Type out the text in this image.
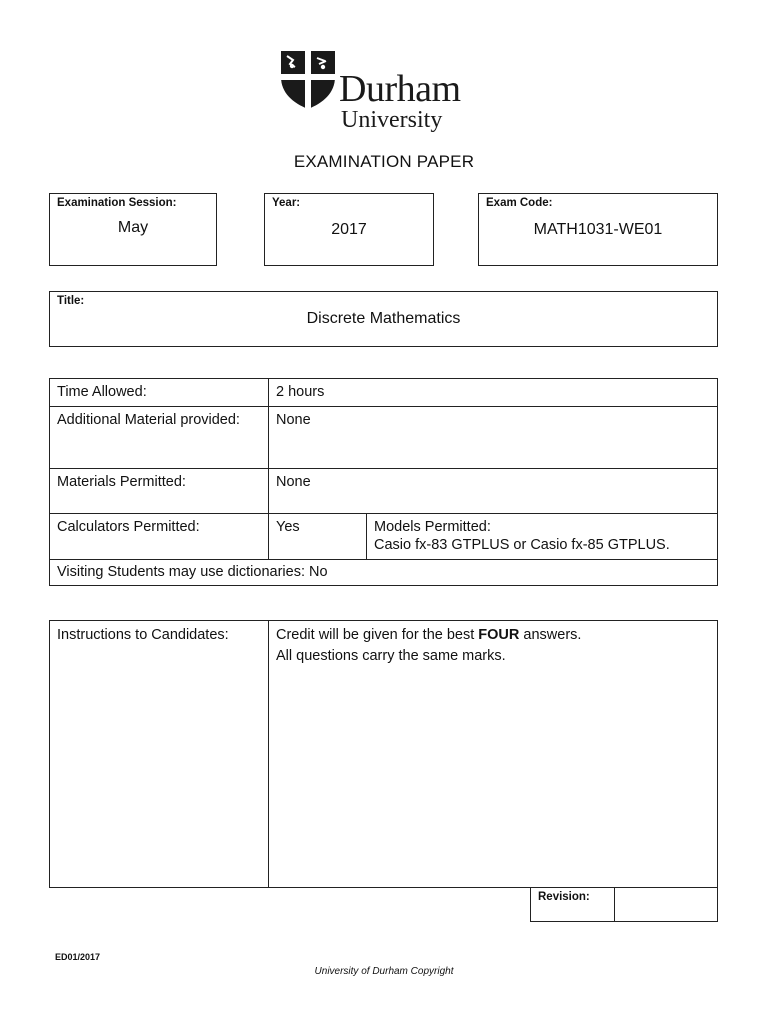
Durham
University
EXAMINATION PAPER
Examination Session:
May
Year:
2017
Exam Code:
MATH1031-WE01
Title:
Discrete Mathematics
Time Allowed:	2 hours	
Additional Material provided:	None	
Materials Permitted:	None	
Calculators Permitted:	Yes	Models Permitted:
Casio fx-83 GTPLUS or Casio fx-85 GTPLUS.

Visiting Students may use dictionaries: No		
Instructions to Candidates:	Credit will be given for the best FOUR answers.
All questions carry the same marks.
Revision:
ED01/2017
University of Durham Copyright
